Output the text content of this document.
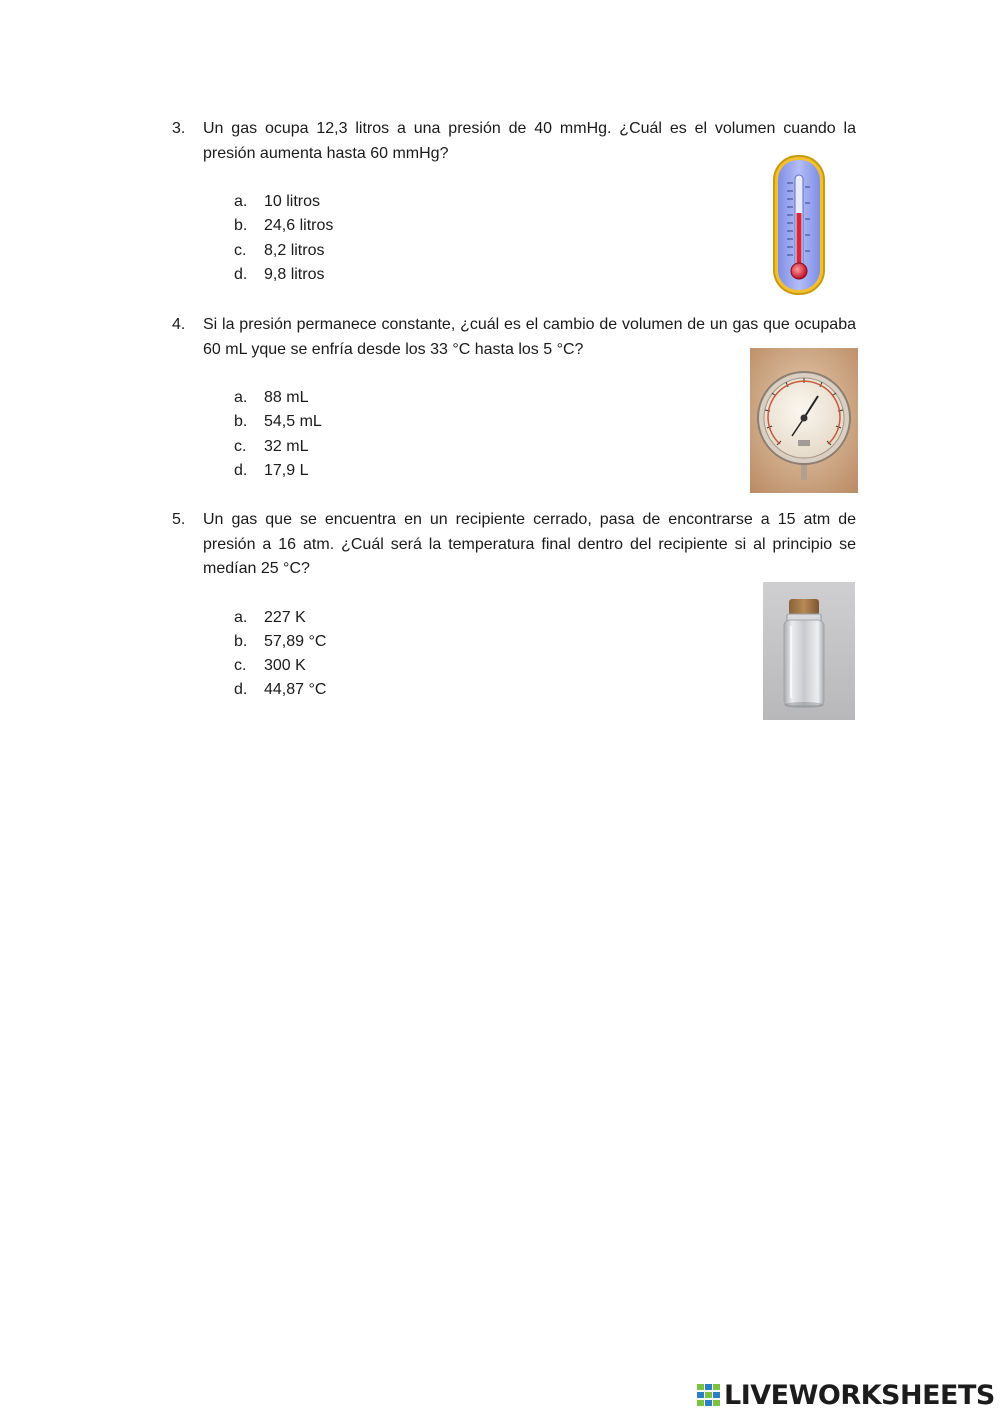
3. Un gas ocupa 12,3 litros a una presión de 40 mmHg. ¿Cuál es el volumen cuando la presión aumenta hasta 60 mmHg?
a.	10 litros
b.	24,6 litros
c.	8,2 litros
d.	9,8 litros
4. Si la presión permanece constante, ¿cuál es el cambio de volumen de un gas que ocupaba 60 mL yque se enfría desde los 33 °C hasta los 5 °C?
a.	88 mL
b.	54,5 mL
c.	32 mL
d.	17,9 L
5. Un gas que se encuentra en un recipiente cerrado, pasa de encontrarse a 15 atm de presión a 16 atm. ¿Cuál será la temperatura final dentro del recipiente si al principio se medían 25 °C?
a.	227 K
b.	57,89 °C
c.	300 K
d.	44,87 °C
LIVEWORKSHEETS
